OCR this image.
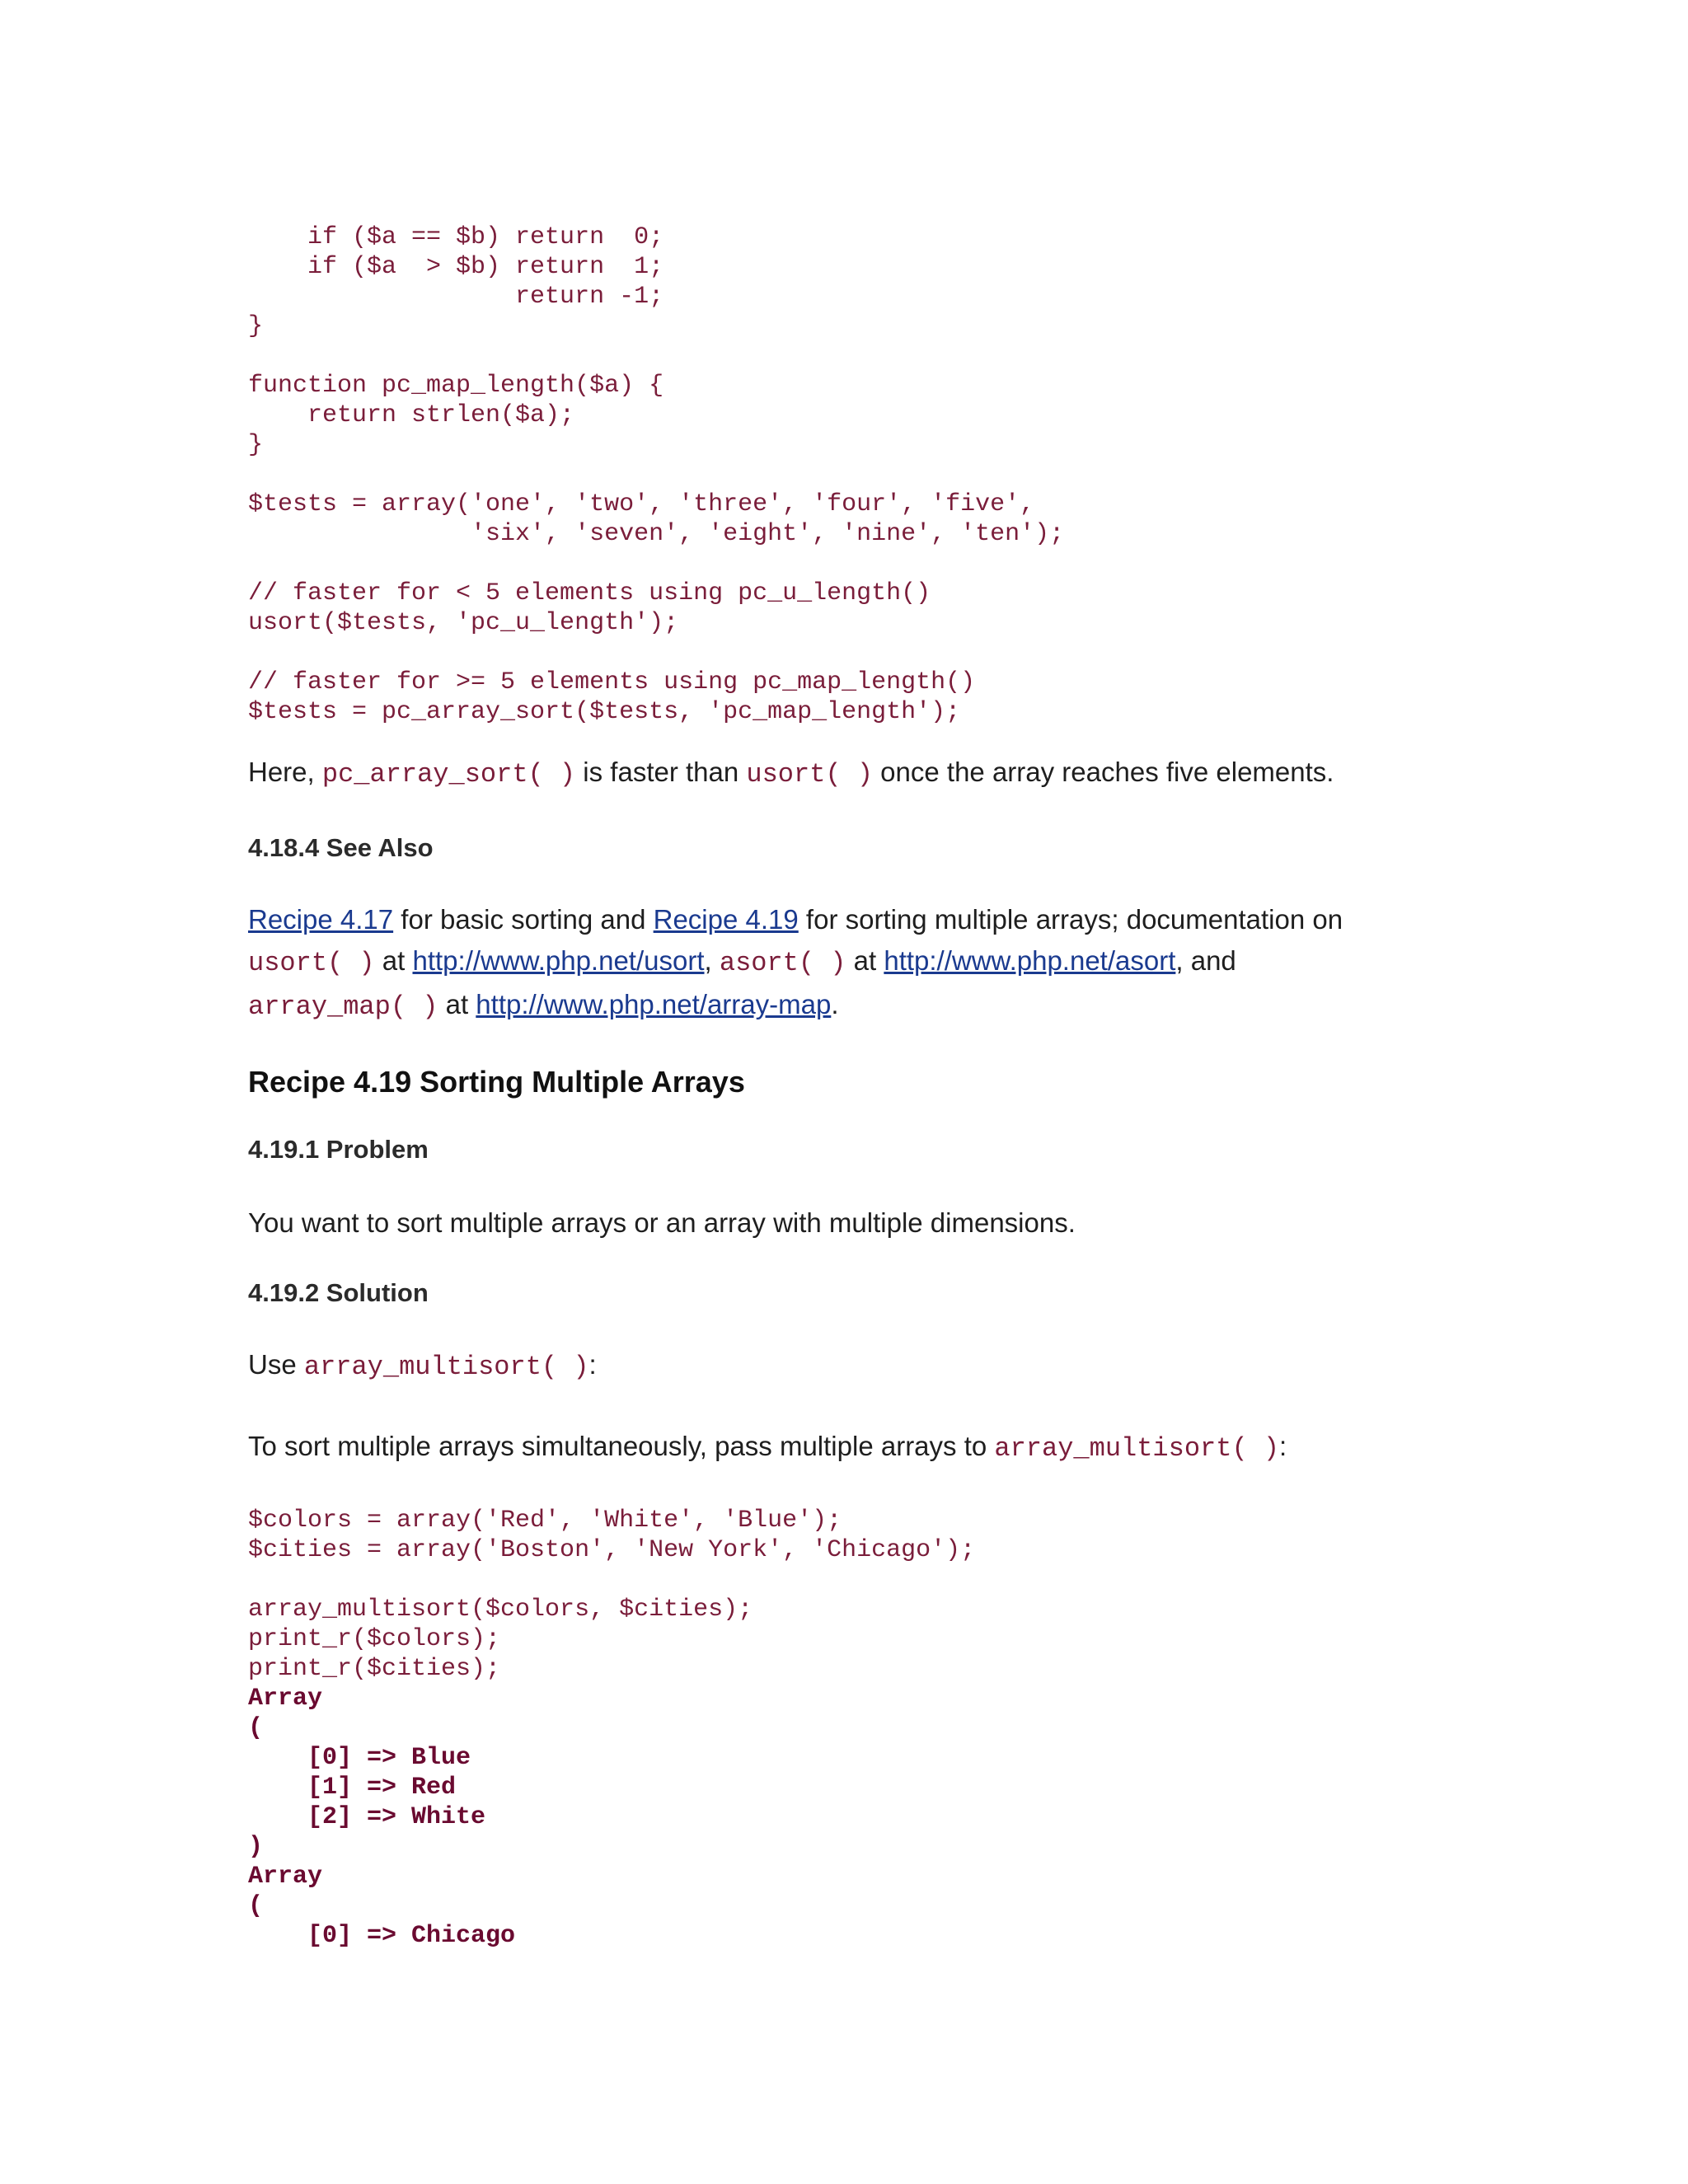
if ($a == $b) return  0;
if ($a  > $b) return  1;
return -1;
}
function pc_map_length($a) {
return strlen($a);
}
$tests = array('one', 'two', 'three', 'four', 'five',
'six', 'seven', 'eight', 'nine', 'ten');
// faster for < 5 elements using pc_u_length()
usort($tests, 'pc_u_length');
// faster for >= 5 elements using pc_map_length()
$tests = pc_array_sort($tests, 'pc_map_length');

Here, pc_array_sort( ) is faster than usort( ) once the array reaches five elements.

4.18.4 See Also

Recipe 4.17 for basic sorting and Recipe 4.19 for sorting multiple arrays; documentation on
usort( ) at http://www.php.net/usort, asort( ) at http://www.php.net/asort, and
array_map( ) at http://www.php.net/array-map.

Recipe 4.19 Sorting Multiple Arrays
4.19.1 Problem

You want to sort multiple arrays or an array with multiple dimensions.

4.19.2 Solution

Use array_multisort( ):

To sort multiple arrays simultaneously, pass multiple arrays to array_multisort( ):

$colors = array('Red', 'White', 'Blue');
$cities = array('Boston', 'New York', 'Chicago');
array_multisort($colors, $cities);
print_r($colors);
print_r($cities);
Array
(
[0] => Blue
[1] => Red
[2] => White
)
Array
(
[0] => Chicago
